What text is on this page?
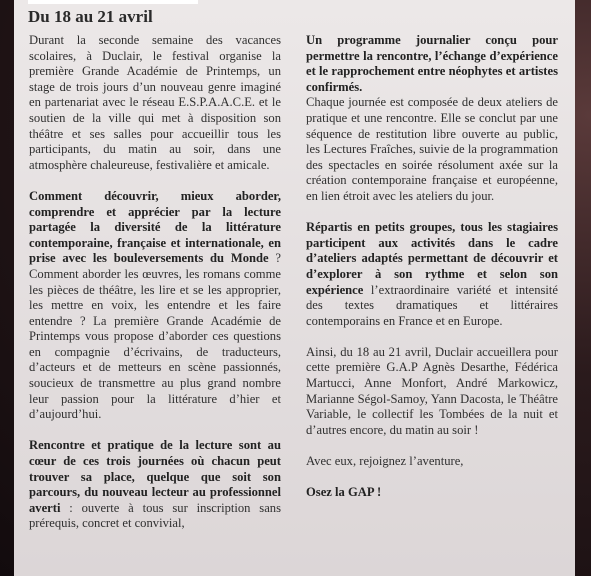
Du 18 au 21 avril

Durant la seconde semaine des vacances scolaires, à Duclair, le festival organise la première Grande Académie de Printemps, un stage de trois jours d’un nouveau genre imaginé en partenariat avec le réseau E.S.P.A.A.C.E. et le soutien de la ville qui met à disposition son théâtre et ses salles pour accueillir tous les participants, du matin au soir, dans une atmosphère chaleureuse, festivalière et amicale.

Comment découvrir, mieux aborder, comprendre et apprécier par la lecture partagée la diversité de la littérature contemporaine, française et internationale, en prise avec les bouleversements du Monde ? Comment aborder les œuvres, les romans comme les pièces de théâtre, les lire et se les approprier, les mettre en voix, les entendre et les faire entendre ? La première Grande Académie de Printemps vous propose d’aborder ces questions en compagnie d’écrivains, de traducteurs, d’acteurs et de metteurs en scène passionnés, soucieux de transmettre au plus grand nombre leur passion pour la littérature d’hier et d’aujourd’hui.

Rencontre et pratique de la lecture sont au cœur de ces trois journées où chacun peut trouver sa place, quelque que soit son parcours, du nouveau lecteur au professionnel averti : ouverte à tous sur inscription sans prérequis, concret et convivial,

Un programme journalier conçu pour permettre la rencontre, l’échange d’expérience et le rapprochement entre néophytes et artistes confirmés.
Chaque journée est composée de deux ateliers de pratique et une rencontre. Elle se conclut par une séquence de restitution libre ouverte au public, les Lectures Fraîches, suivie de la programmation des spectacles en soirée résolument axée sur la création contemporaine française et européenne, en lien étroit avec les ateliers du jour.

Répartis en petits groupes, tous les stagiaires participent aux activités dans le cadre d’ateliers adaptés permettant de découvrir et d’explorer à son rythme et selon son expérience l’extraordinaire variété et intensité des textes dramatiques et littéraires contemporains en France et en Europe.

Ainsi, du 18 au 21 avril, Duclair accueillera pour cette première G.A.P Agnès Desarthe, Fédérica Martucci, Anne Monfort, André Markowicz, Marianne Ségol-Samoy, Yann Dacosta, le Théâtre Variable, le collectif les Tombées de la nuit et d’autres encore, du matin au soir !

Avec eux, rejoignez l’aventure,

Osez la GAP !
